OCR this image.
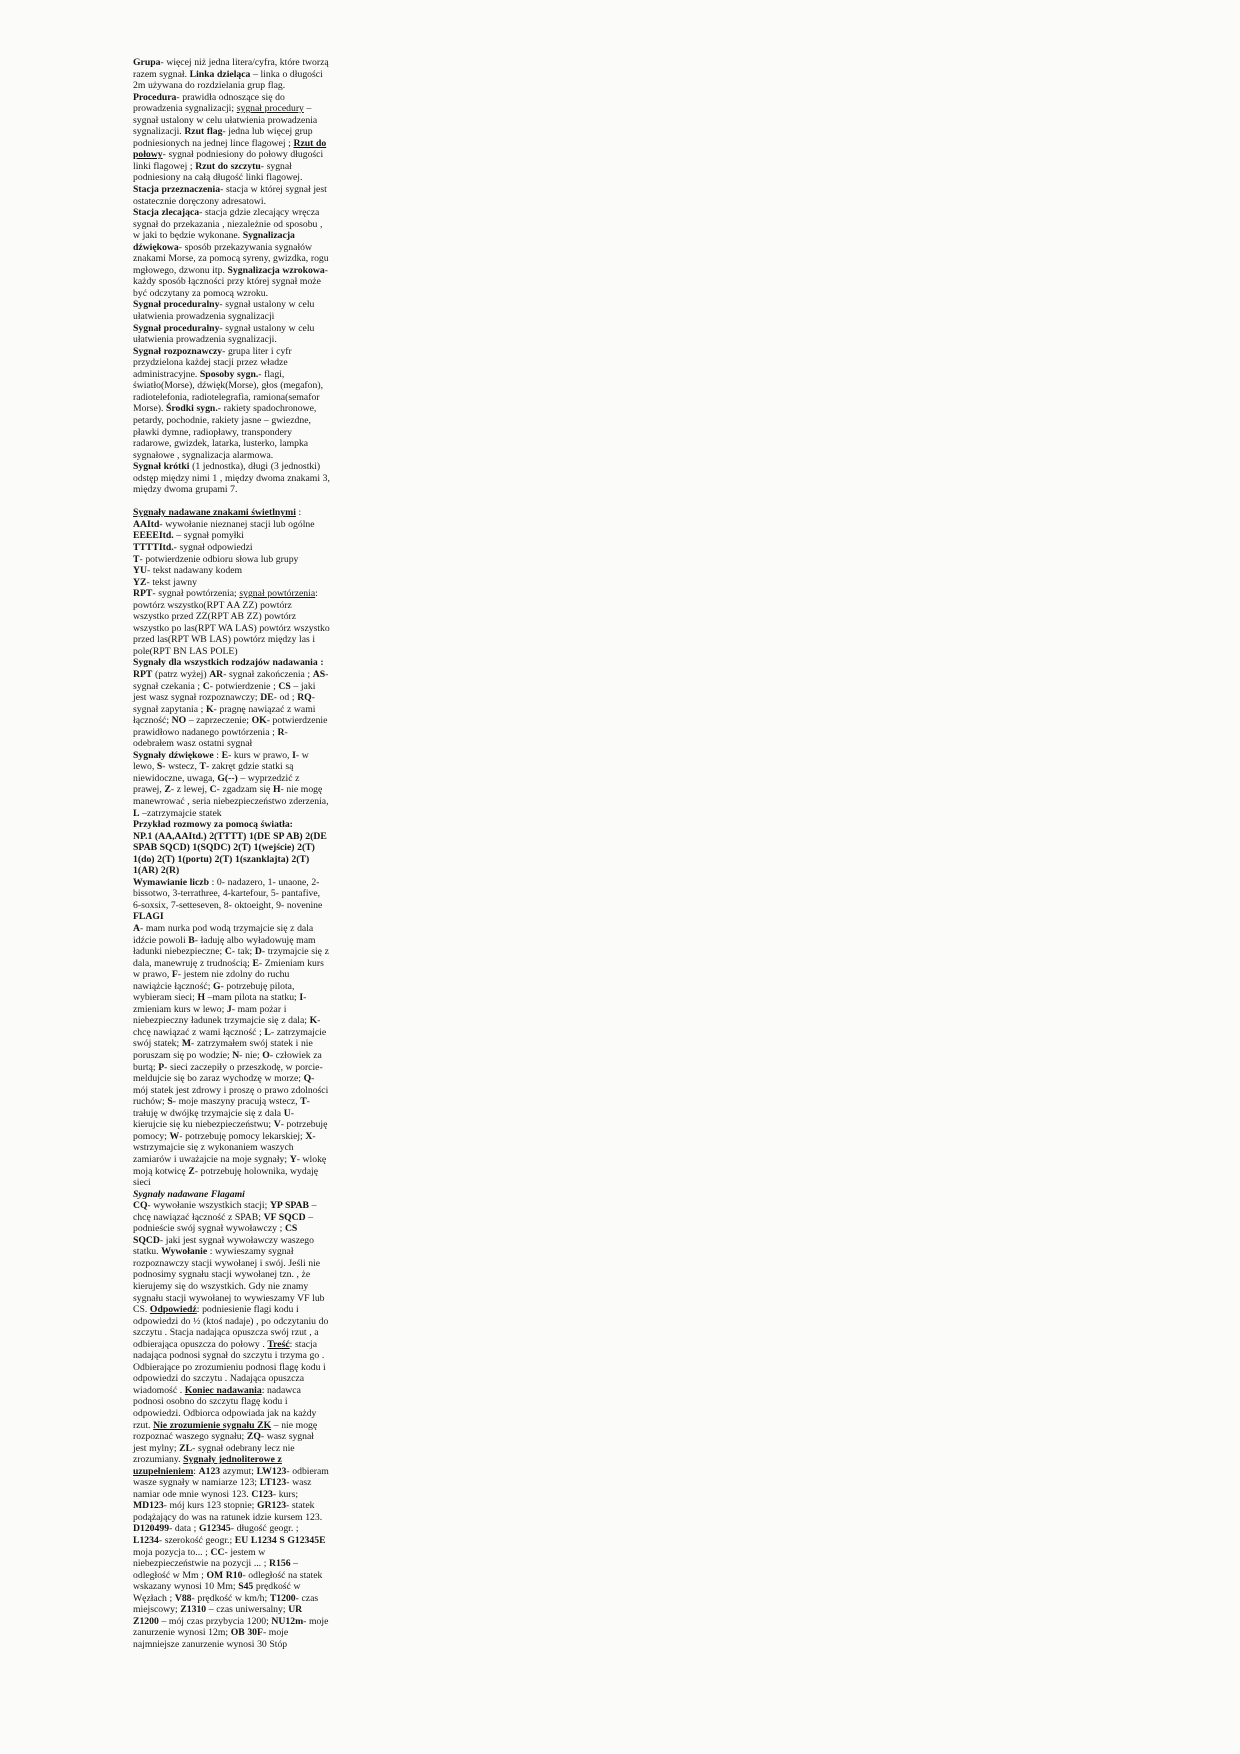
Grupa- więcej niż jedna litera/cyfra, które tworzą razem sygnał. Linka dzieląca – linka o długości 2m używana do rozdzielania grup flag. Procedura- prawidła odnoszące się do prowadzenia sygnalizacji; sygnał procedury – sygnał ustalony w celu ułatwienia prowadzenia sygnalizacji. Rzut flag- jedna lub więcej grup podniesionych na jednej lince flagowej ; Rzut do połowy- sygnał podniesiony do połowy długości linki flagowej ; Rzut do szczytu- sygnał podniesiony na całą długość linki flagowej.
Stacja przeznaczenia- stacja w której sygnał jest ostatecznie doręczony adresatowi.
Stacja zlecająca- stacja gdzie zlecający wręcza sygnał do przekazania , niezależnie od sposobu , w jaki to będzie wykonane. Sygnalizacja dźwiękowa- sposób przekazywania sygnałów znakami Morse, za pomocą syreny, gwizdka, rogu mgłowego, dzwonu itp. Sygnalizacja wzrokowa- każdy sposób łączności przy której sygnał może być odczytany za pomocą wzroku.
Sygnał proceduralny- sygnał ustalony w celu ułatwienia prowadzenia sygnalizacji
Sygnał proceduralny- sygnał ustalony w celu ułatwienia prowadzenia sygnalizacji.
Sygnał rozpoznawczy- grupa liter i cyfr przydzielona każdej stacji przez władze administracyjne. Sposoby sygn.- flagi, światło(Morse), dźwięk(Morse), głos (megafon), radiotelefonia, radiotelegrafia, ramiona(semafor Morse). Środki sygn.- rakiety spadochronowe, petardy, pochodnie, rakiety jasne – gwiezdne, pławki dymne, radiopławy, transpondery radarowe, gwizdek, latarka, lusterko, lampka sygnałowe , sygnalizacja alarmowa.
Sygnał krótki (1 jednostka), długi (3 jednostki) odstęp między nimi 1 , między dwoma znakami 3, między dwoma grupami 7.
Sygnały nadawane znakami świetlnymi :
AAItd- wywołanie nieznanej stacji lub ogólne
EEEEItd. – sygnał pomyłki
TTTTItd.- sygnał odpowiedzi
T- potwierdzenie odbioru słowa lub grupy
YU- tekst nadawany kodem
YZ- tekst jawny
RPT- sygnał powtórzenia; sygnał powtórzenia: powtórz wszystko(RPT AA ZZ) powtórz wszystko przed ZZ(RPT AB ZZ) powtórz wszystko po las(RPT WA LAS) powtórz wszystko przed las(RPT WB LAS) powtórz między las i pole(RPT BN LAS POLE)
Sygnały dla wszystkich rodzajów nadawania :
RPT (patrz wyżej) AR- sygnał zakończenia ; AS- sygnał czekania ; C- potwierdzenie ; CS – jaki jest wasz sygnał rozpoznawczy; DE- od ; RQ- sygnał zapytania ; K- pragnę nawiązać z wami łączność; NO – zaprzeczenie; OK- potwierdzenie prawidłowo nadanego powtórzenia ; R- odebrałem wasz ostatni sygnał
Sygnały dźwiękowe : E- kurs w prawo, I- w lewo, S- wstecz, T- zakręt gdzie statki są niewidoczne, uwaga, G(--) – wyprzedzić z prawej, Z- z lewej, C- zgadzam się H- nie mogę manewrować , seria niebezpieczeństwo zderzenia, L –zatrzymajcie statek
Przykład rozmowy za pomocą światła:
NP.1 (AA,AAItd.) 2(TTTT) 1(DE SP AB) 2(DE SPAB SQCD) 1(SQDC) 2(T) 1(wejście) 2(T) 1(do) 2(T) 1(portu) 2(T) 1(szanklajta) 2(T) 1(AR) 2(R)
Wymawianie liczb : 0- nadazero, 1- unaone, 2- bissotwo, 3-terrathree, 4-kartefour, 5- pantafive, 6-soxsix, 7-setteseven, 8- oktoeight, 9- novenine
FLAGI
A- mam nurka pod wodą trzymajcie się z dala idźcie powoli B- ładuję albo wyładowuję mam ładunki niebezpieczne; C- tak; D- trzymajcie się z dala, manewruję z trudnością; E- Zmieniam kurs w prawo, F- jestem nie zdolny do ruchu nawiążcie łączność; G- potrzebuję pilota, wybieram sieci; H –mam pilota na statku; I- zmieniam kurs w lewo; J- mam pożar i niebezpieczny ładunek trzymajcie się z dala; K- chcę nawiązać z wami łączność ; L- zatrzymajcie swój statek; M- zatrzymałem swój statek i nie poruszam się po wodzie; N- nie; O- człowiek za burtą; P- sieci zaczepiły o przeszkodę, w porcie- meldujcie się bo zaraz wychodzę w morze; Q- mój statek jest zdrowy i proszę o prawo zdolności ruchów; S- moje maszyny pracują wstecz, T- trałuję w dwójkę trzymajcie się z dala U- kierujcie się ku niebezpieczeństwu; V- potrzebuję pomocy; W- potrzebuję pomocy lekarskiej; X- wstrzymajcie się z wykonaniem waszych zamiarów i uważajcie na moje sygnały; Y- wlokę moją kotwicę Z- potrzebuję holownika, wydaję sieci
Sygnały nadawane Flagami
CQ- wywołanie wszystkich stacji; YP SPAB – chcę nawiązać łączność z SPAB; VF SQCD – podnieście swój sygnał wywoławczy ; CS SQCD- jaki jest sygnał wywoławczy waszego statku. Wywołanie : wywieszamy sygnał rozpoznawczy stacji wywołanej i swój. Jeśli nie podnosimy sygnału stacji wywołanej tzn. , że kierujemy się do wszystkich. Gdy nie znamy sygnału stacji wywołanej to wywieszamy VF lub CS. Odpowiedź: podniesienie flagi kodu i odpowiedzi do ½ (ktoś nadaje) , po odczytaniu do szczytu . Stacja nadająca opuszcza swój rzut , a odbierająca opuszcza do połowy . Treść: stacja nadająca podnosi sygnał do szczytu i trzyma go . Odbierające po zrozumieniu podnosi flagę kodu i odpowiedzi do szczytu . Nadająca opuszcza wiadomość . Koniec nadawania: nadawca podnosi osobno do szczytu flagę kodu i odpowiedzi. Odbiorca odpowiada jak na każdy rzut. Nie zrozumienie sygnału ZK – nie mogę rozpoznać waszego sygnału; ZQ- wasz sygnał jest mylny; ZL- sygnał odebrany lecz nie zrozumiany. Sygnały jednoliterowe z uzupełnieniem: A123 azymut; LW123- odbieram wasze sygnały w namiarze 123; LT123- wasz namiar ode mnie wynosi 123. C123- kurs; MD123- mój kurs 123 stopnie; GR123- statek podążający do was na ratunek idzie kursem 123. D120499- data ; G12345- długość geogr. ; L1234- szerokość geogr.; EU L1234 S G12345E moja pozycja to... ; CC- jestem w niebezpieczeństwie na pozycji ... ; R156 –odległość w Mm ; OM R10- odległość na statek wskazany wynosi 10 Mm; S45 prędkość w Węzłach ; V88- prędkość w km/h; T1200- czas miejscowy; Z1310 – czas uniwersalny; UR Z1200 – mój czas przybycia 1200; NU12m- moje zanurzenie wynosi 12m; OB 30F- moje najmniejsze zanurzenie wynosi 30 Stóp
